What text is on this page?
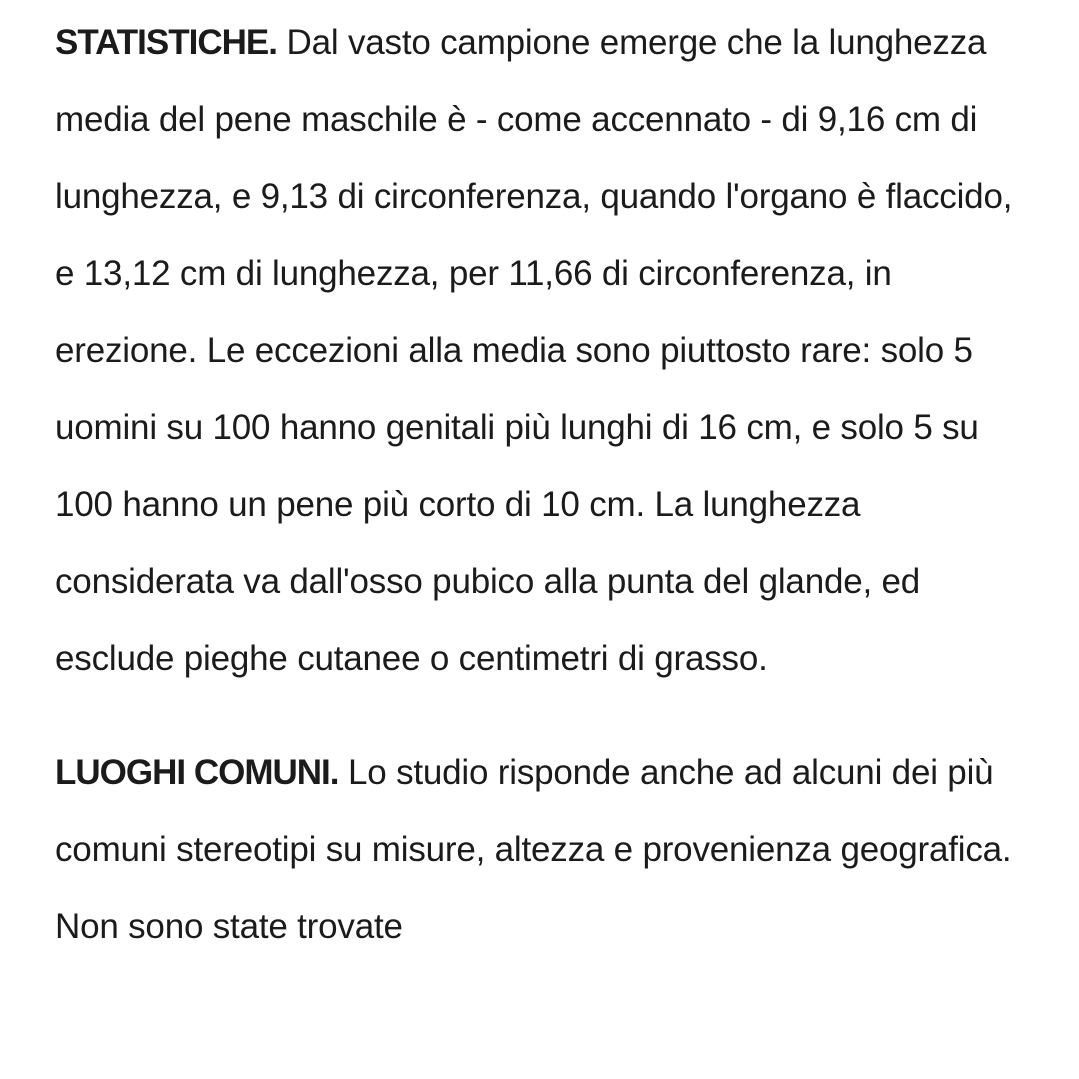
STATISTICHE. Dal vasto campione emerge che la lunghezza media del pene maschile è - come accennato - di 9,16 cm di lunghezza, e 9,13 di circonferenza, quando l'organo è flaccido, e 13,12 cm di lunghezza, per 11,66 di circonferenza, in erezione. Le eccezioni alla media sono piuttosto rare: solo 5 uomini su 100 hanno genitali più lunghi di 16 cm, e solo 5 su 100 hanno un pene più corto di 10 cm. La lunghezza considerata va dall'osso pubico alla punta del glande, ed esclude pieghe cutanee o centimetri di grasso.

LUOGHI COMUNI. Lo studio risponde anche ad alcuni dei più comuni stereotipi su misure, altezza e provenienza geografica. Non sono state trovate
